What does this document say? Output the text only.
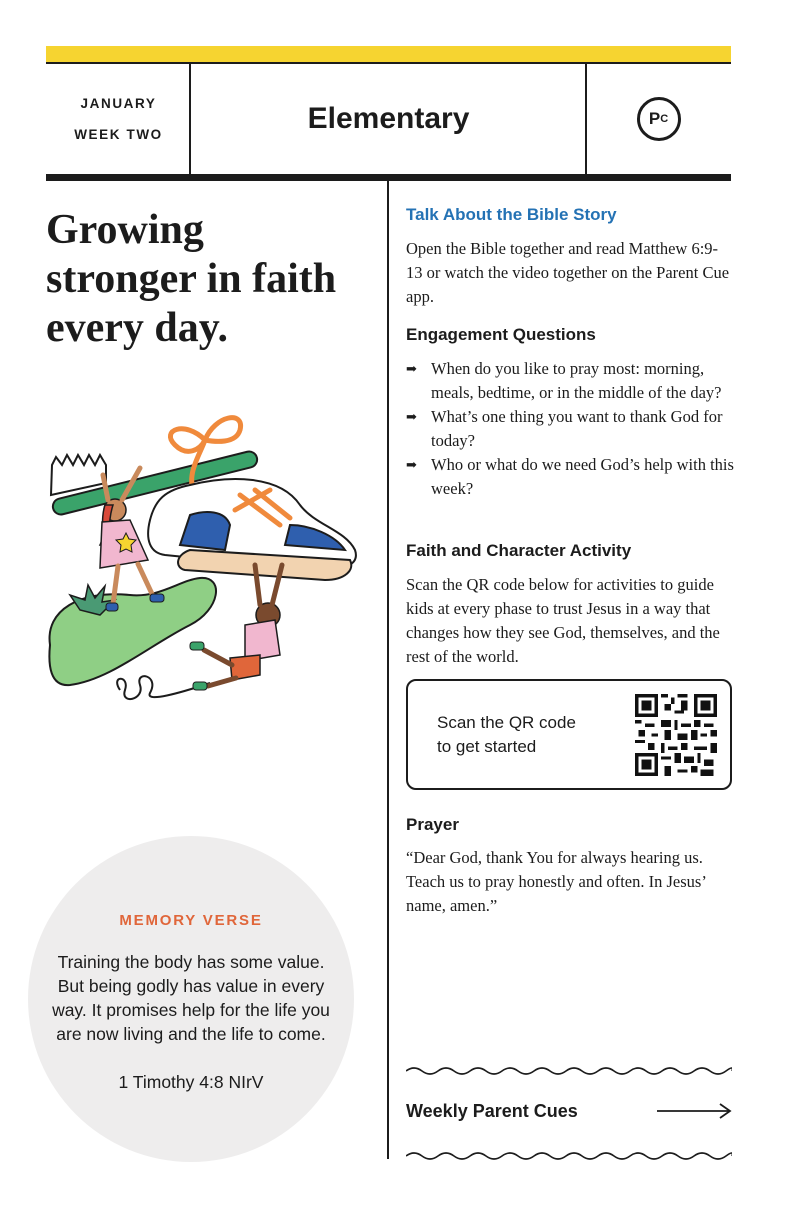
JANUARY
WEEK TWO	Elementary	P C
Growing
stronger in faith
every day.
MEMORY VERSE
Training the body has some value. But being godly has value in every way. It promises help for the life you are now living and the life to come.
1 Timothy 4:8 NIrV
Talk About the Bible Story
Open the Bible together and read Matthew 6:9-13 or watch the video together on the Parent Cue app.
Engagement Questions
➡ When do you like to pray most: morning, meals, bedtime, or in the middle of the day?
➡ What’s one thing you want to thank God for today?
➡ Who or what do we need God’s help with this week?
Faith and Character Activity
Scan the QR code below for activities to guide kids at every phase to trust Jesus in a way that changes how they see God, themselves, and the rest of the world.
Scan the QR code
to get started
Prayer
“Dear God, thank You for always hearing us. Teach us to pray honestly and often. In Jesus’ name, amen.”
Weekly Parent Cues
